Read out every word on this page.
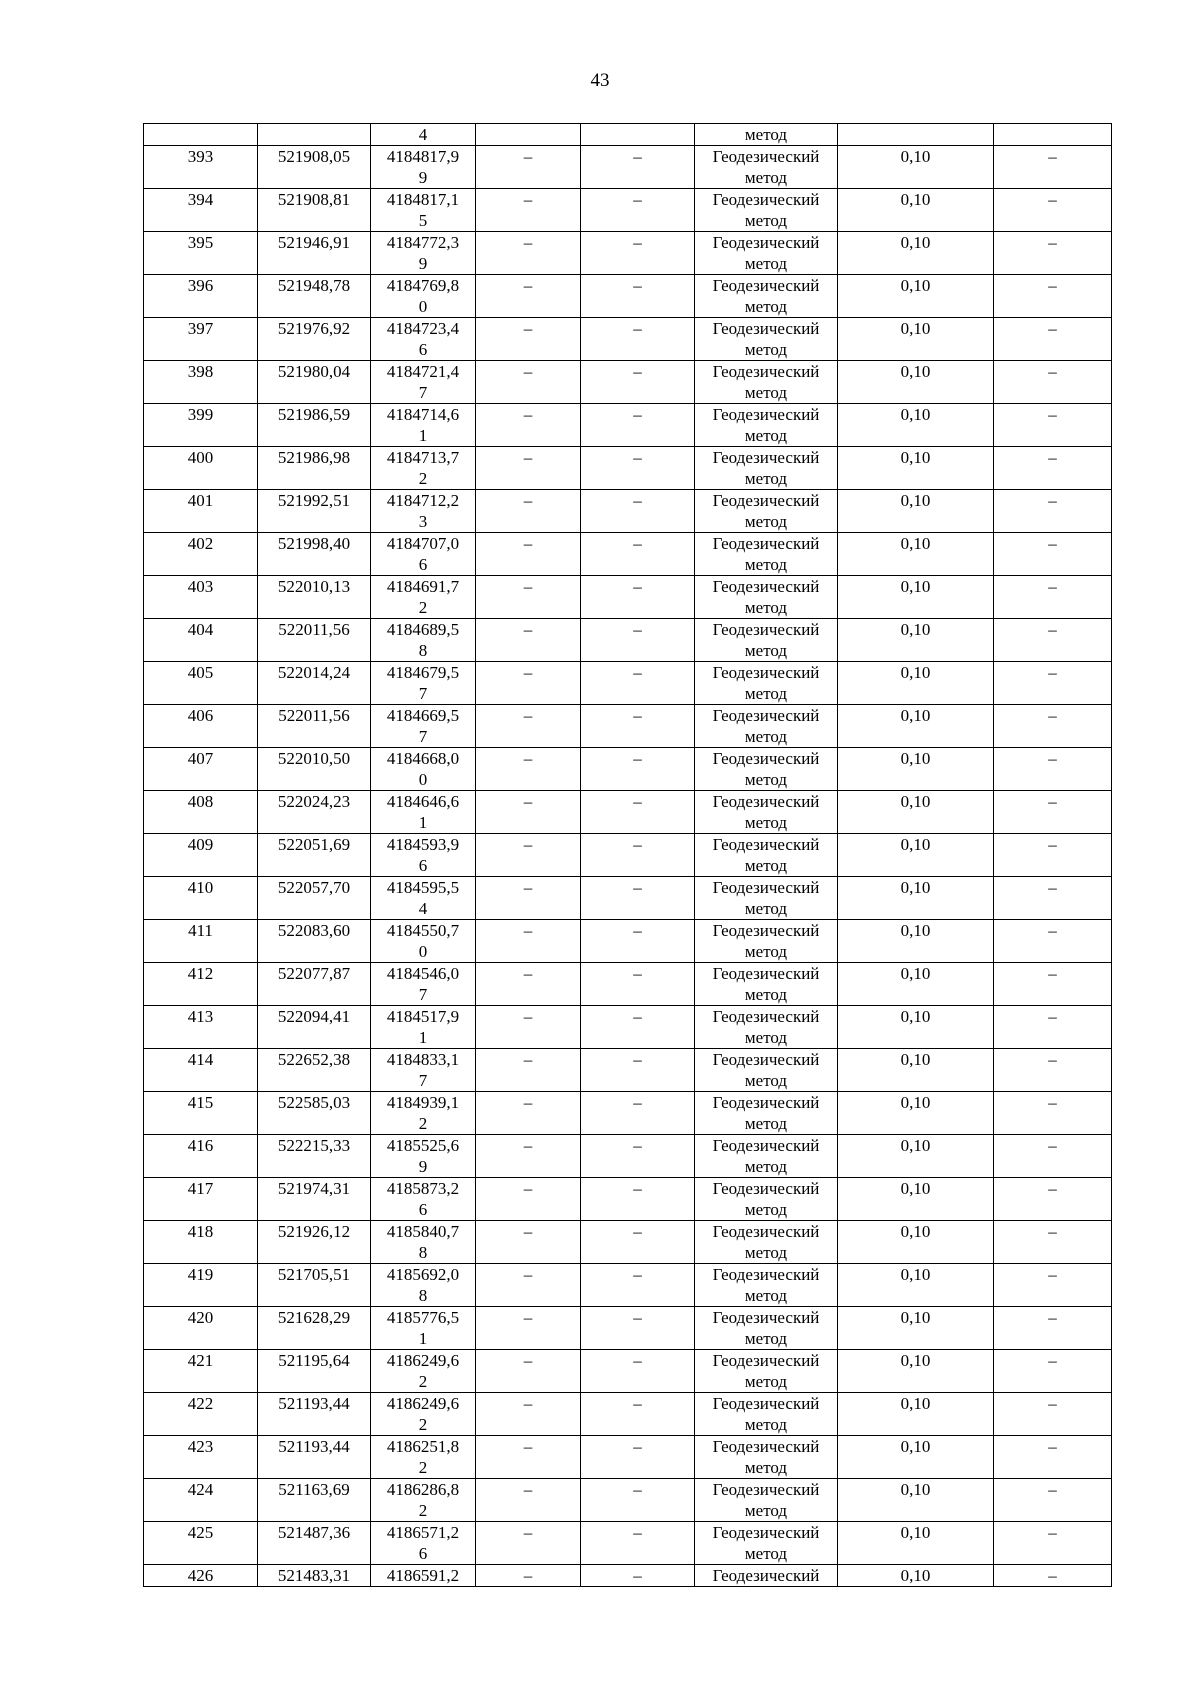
43
		4			метод		
393	521908,05	4184817,99	–	–	Геодезический метод	0,10	–
394	521908,81	4184817,15	–	–	Геодезический метод	0,10	–
395	521946,91	4184772,39	–	–	Геодезический метод	0,10	–
396	521948,78	4184769,80	–	–	Геодезический метод	0,10	–
397	521976,92	4184723,46	–	–	Геодезический метод	0,10	–
398	521980,04	4184721,47	–	–	Геодезический метод	0,10	–
399	521986,59	4184714,61	–	–	Геодезический метод	0,10	–
400	521986,98	4184713,72	–	–	Геодезический метод	0,10	–
401	521992,51	4184712,23	–	–	Геодезический метод	0,10	–
402	521998,40	4184707,06	–	–	Геодезический метод	0,10	–
403	522010,13	4184691,72	–	–	Геодезический метод	0,10	–
404	522011,56	4184689,58	–	–	Геодезический метод	0,10	–
405	522014,24	4184679,57	–	–	Геодезический метод	0,10	–
406	522011,56	4184669,57	–	–	Геодезический метод	0,10	–
407	522010,50	4184668,00	–	–	Геодезический метод	0,10	–
408	522024,23	4184646,61	–	–	Геодезический метод	0,10	–
409	522051,69	4184593,96	–	–	Геодезический метод	0,10	–
410	522057,70	4184595,54	–	–	Геодезический метод	0,10	–
411	522083,60	4184550,70	–	–	Геодезический метод	0,10	–
412	522077,87	4184546,07	–	–	Геодезический метод	0,10	–
413	522094,41	4184517,91	–	–	Геодезический метод	0,10	–
414	522652,38	4184833,17	–	–	Геодезический метод	0,10	–
415	522585,03	4184939,12	–	–	Геодезический метод	0,10	–
416	522215,33	4185525,69	–	–	Геодезический метод	0,10	–
417	521974,31	4185873,26	–	–	Геодезический метод	0,10	–
418	521926,12	4185840,78	–	–	Геодезический метод	0,10	–
419	521705,51	4185692,08	–	–	Геодезический метод	0,10	–
420	521628,29	4185776,51	–	–	Геодезический метод	0,10	–
421	521195,64	4186249,62	–	–	Геодезический метод	0,10	–
422	521193,44	4186249,62	–	–	Геодезический метод	0,10	–
423	521193,44	4186251,82	–	–	Геодезический метод	0,10	–
424	521163,69	4186286,82	–	–	Геодезический метод	0,10	–
425	521487,36	4186571,26	–	–	Геодезический метод	0,10	–
426	521483,31	4186591,2	–	–	Геодезический	0,10	–
